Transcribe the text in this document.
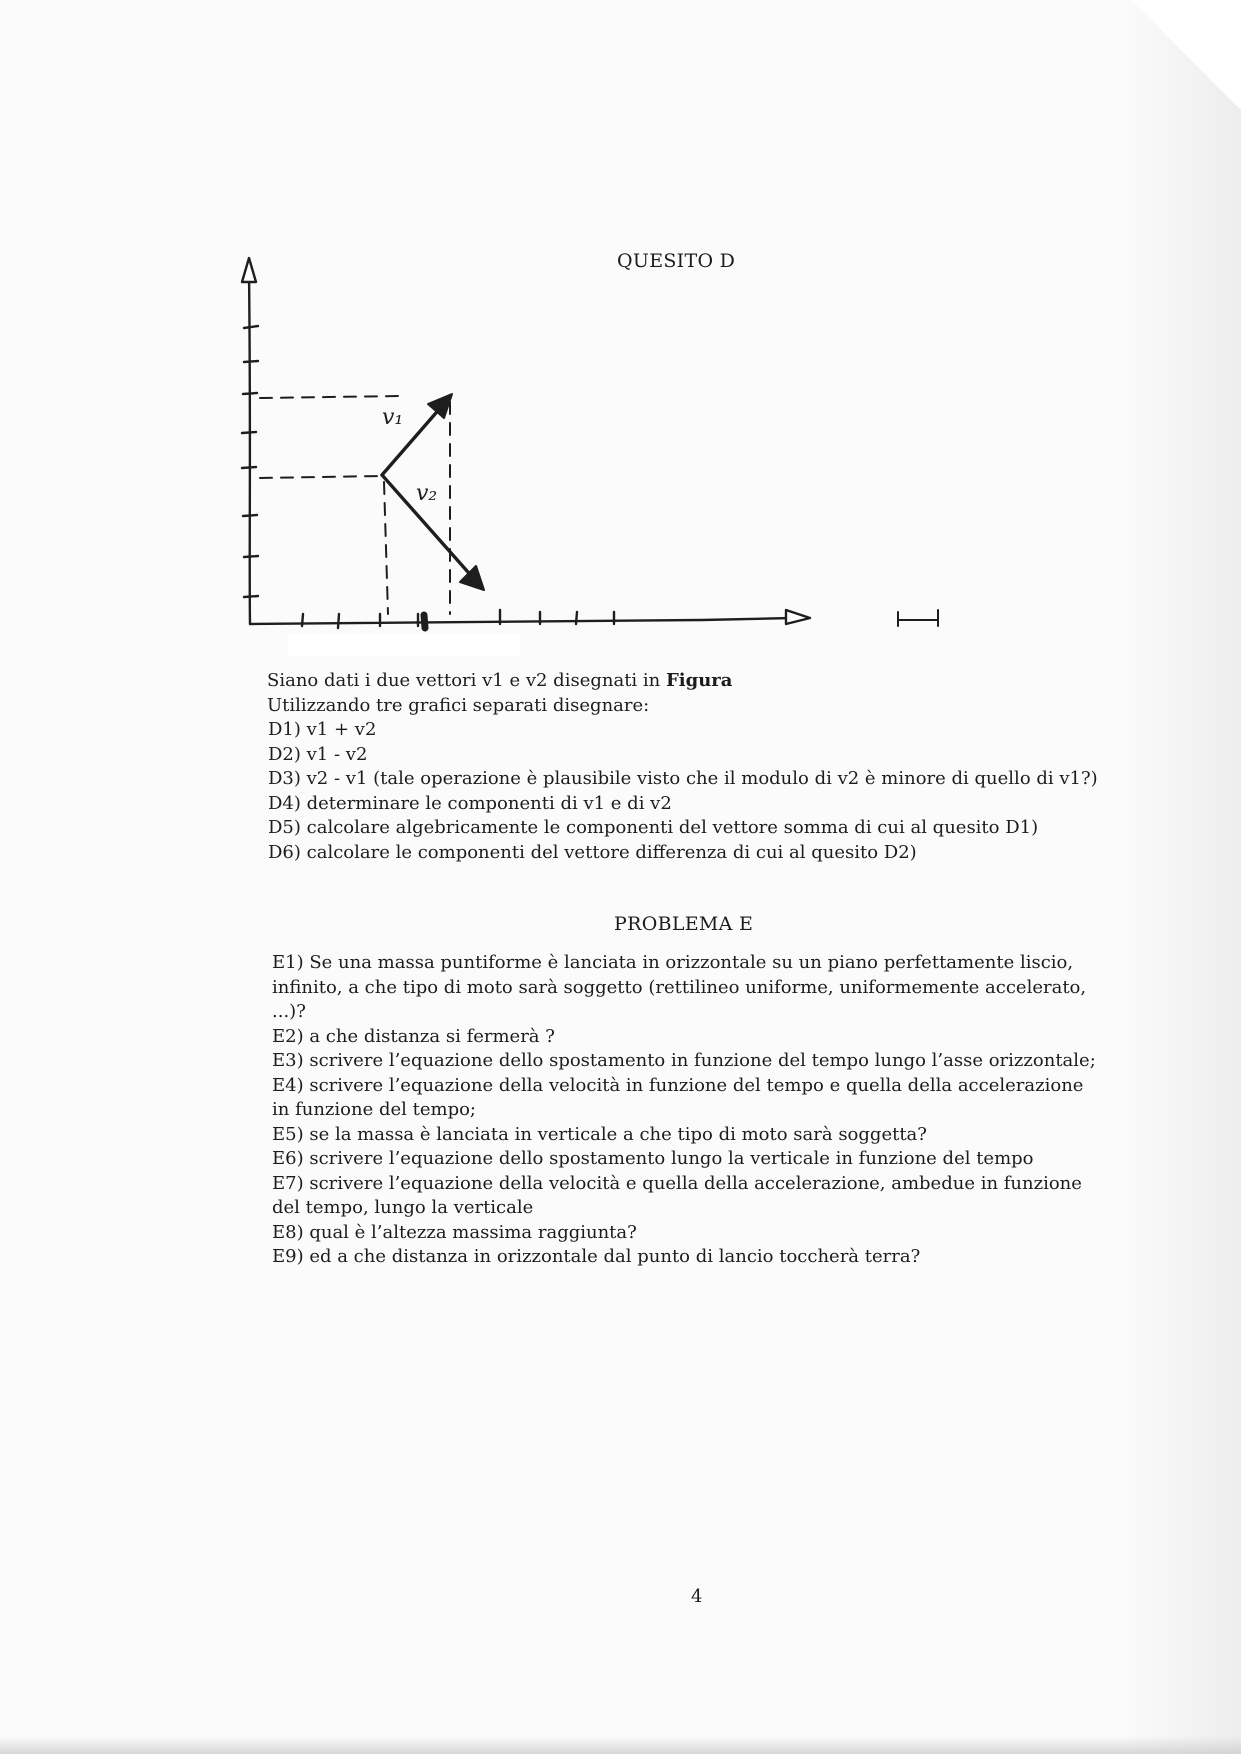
QUESITO D
v₁
v₂
Siano dati i due vettori v1 e v2 disegnati in Figura
Utilizzando tre grafici separati disegnare:
D1) v1 + v2
D2) v1 - v2
D3) v2 - v1 (tale operazione è plausibile visto che il modulo di v2 è minore di quello di v1?)
D4) determinare le componenti di v1 e di v2
D5) calcolare algebricamente le componenti del vettore somma di cui al quesito D1)
D6) calcolare le componenti del vettore differenza di cui al quesito D2)
PROBLEMA E
E1) Se una massa puntiforme è lanciata in orizzontale su un piano perfettamente liscio, infinito, a che tipo di moto sarà soggetto (rettilineo uniforme, uniformemente accelerato, ...)?
E2) a che distanza si fermerà ?
E3) scrivere l’equazione dello spostamento in funzione del tempo lungo l’asse orizzontale;
E4) scrivere l’equazione della velocità in funzione del tempo e quella della accelerazione in funzione del tempo;
E5) se la massa è lanciata in verticale a che tipo di moto sarà soggetta?
E6) scrivere l’equazione dello spostamento lungo la verticale in funzione del tempo
E7) scrivere l’equazione della velocità e quella della accelerazione, ambedue in funzione del tempo, lungo la verticale
E8) qual è l’altezza massima raggiunta?
E9) ed a che distanza in orizzontale dal punto di lancio toccherà terra?
4
